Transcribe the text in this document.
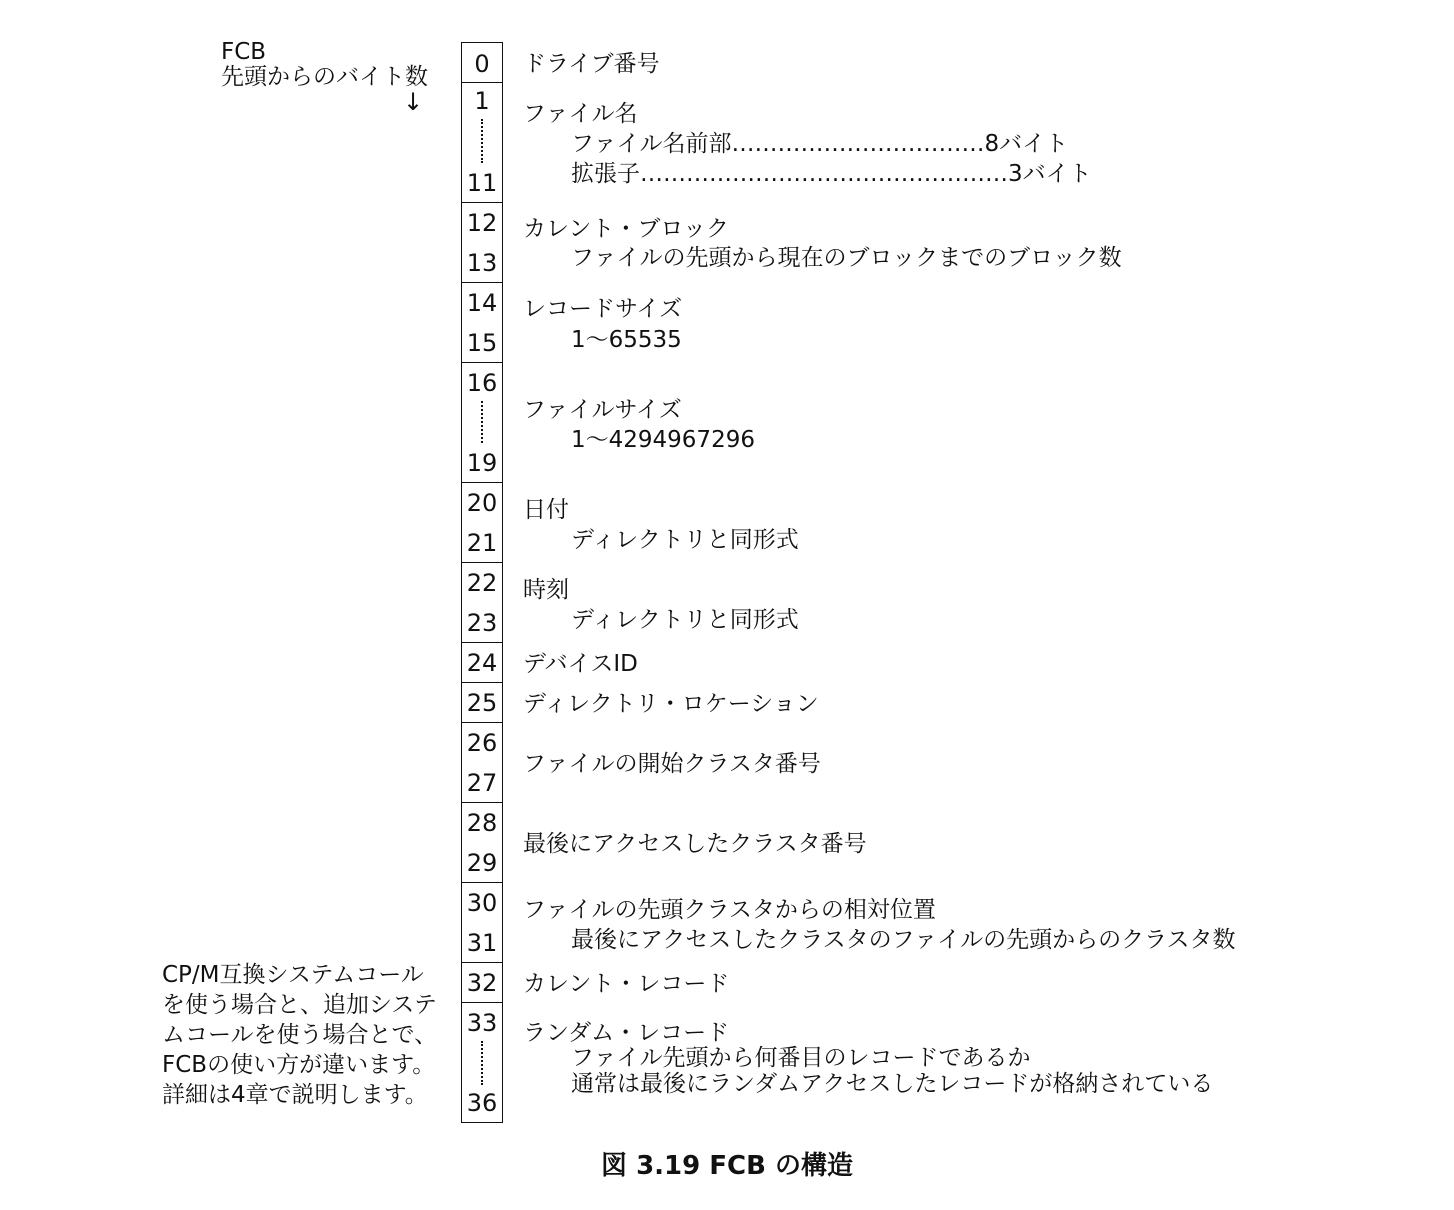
FCB
先頭からのバイト数
↓
0
1
11
12
13
14
15
16
19
20
21
22
23
24
25
26
27
28
29
30
31
32
33
36
ドライブ番号
ファイル名
ファイル名前部……………………………8バイト
拡張子…………………………………………3バイト
カレント・ブロック
ファイルの先頭から現在のブロックまでのブロック数
レコードサイズ
1〜65535
ファイルサイズ
1〜4294967296
日付
ディレクトリと同形式
時刻
ディレクトリと同形式
デバイスID
ディレクトリ・ロケーション
ファイルの開始クラスタ番号
最後にアクセスしたクラスタ番号
ファイルの先頭クラスタからの相対位置
最後にアクセスしたクラスタのファイルの先頭からのクラスタ数
カレント・レコード
ランダム・レコード
ファイル先頭から何番目のレコードであるか
通常は最後にランダムアクセスしたレコードが格納されている
CP/M互換システムコール
を使う場合と、追加システ
ムコールを使う場合とで、
FCBの使い方が違います。
詳細は4章で説明します。
図 3.19 FCB の構造
